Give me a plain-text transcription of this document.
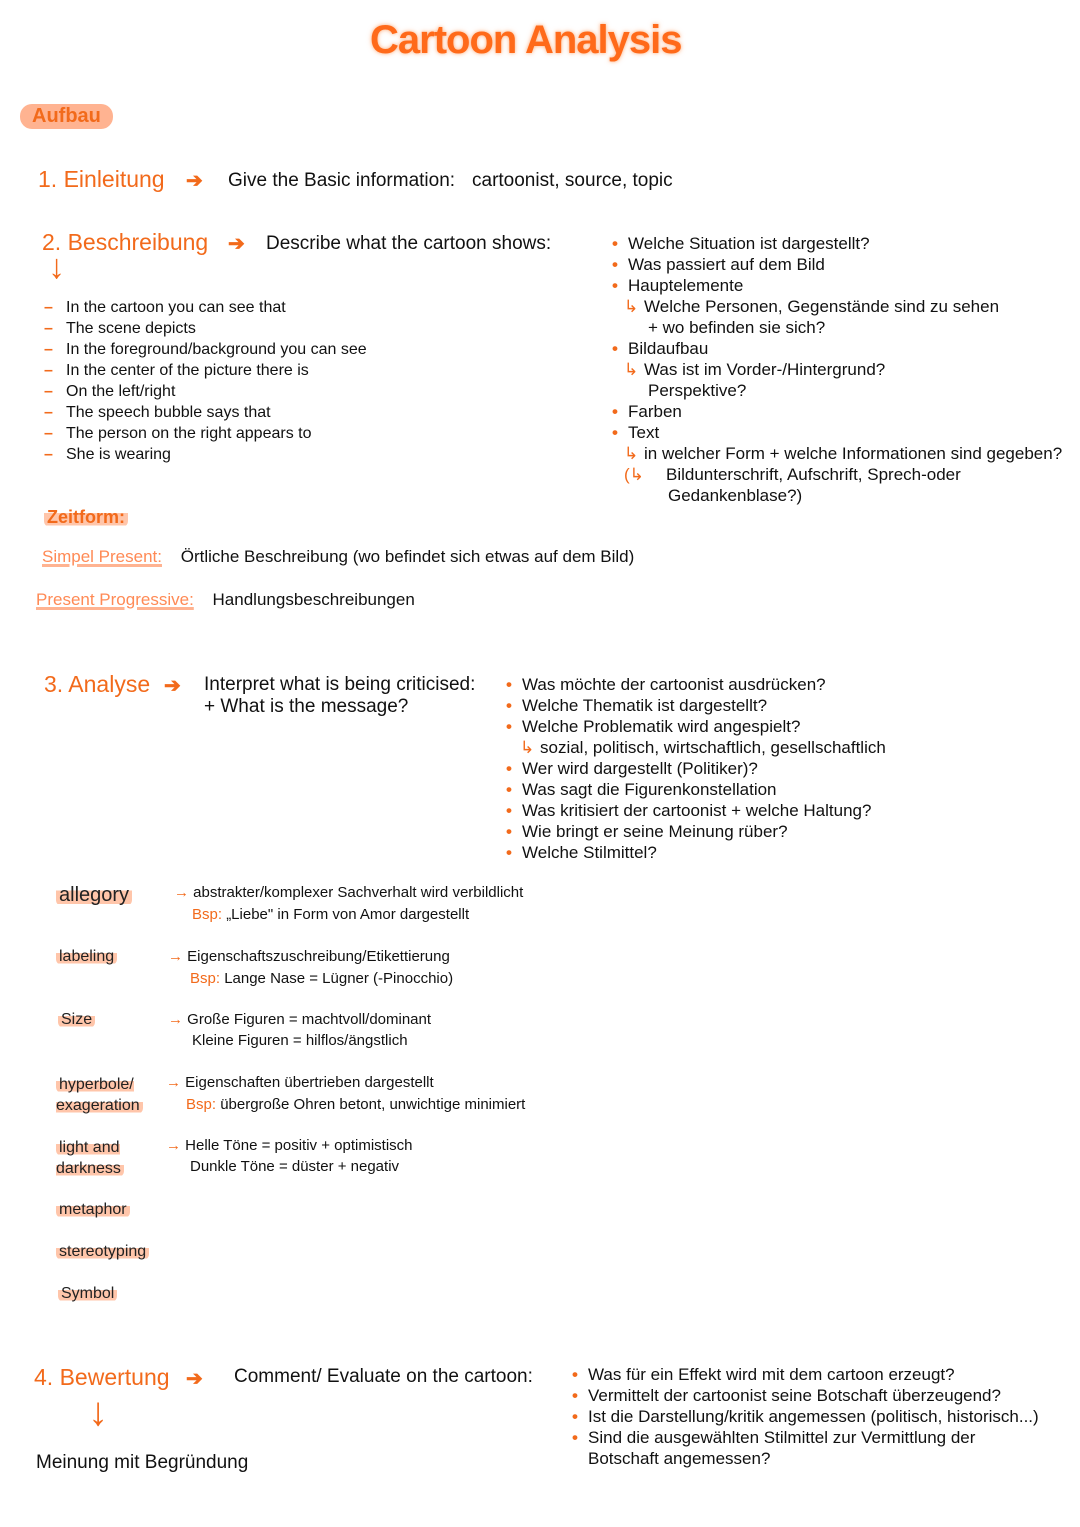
Cartoon Analysis
Aufbau
1. Einleitung ➔ Give the Basic information: cartoonist, source, topic
2. Beschreibung ➔ Describe what the cartoon shows:
↓
– In the cartoon you can see that
– The scene depicts
– In the foreground/background you can see
– In the center of the picture there is
– On the left/right
– The speech bubble says that
– The person on the right appears to
– She is wearing
• Welche Situation ist dargestellt?
• Was passiert auf dem Bild
• Hauptelemente
↳ Welche Personen, Gegenstände sind zu sehen
+ wo befinden sie sich?
• Bildaufbau
↳ Was ist im Vorder-/Hintergrund?
Perspektive?
• Farben
• Text
↳ in welcher Form + welche Informationen sind gegeben?
(↳ Bildunterschrift, Aufschrift, Sprech-oder
Gedankenblase?)
Zeitform:
Simpel Present: Örtliche Beschreibung (wo befindet sich etwas auf dem Bild)
Present Progressive: Handlungsbeschreibungen
3. Analyse ➔ Interpret what is being criticised:
+ What is the message?
• Was möchte der cartoonist ausdrücken?
• Welche Thematik ist dargestellt?
• Welche Problematik wird angespielt?
↳ sozial, politisch, wirtschaftlich, gesellschaftlich
• Wer wird dargestellt (Politiker)?
• Was sagt die Figurenkonstellation
• Was kritisiert der cartoonist + welche Haltung?
• Wie bringt er seine Meinung rüber?
• Welche Stilmittel?
allegory	→ abstrakter/komplexer Sachverhalt wird verbildlicht
Bsp: „Liebe" in Form von Amor dargestellt
labeling	→ Eigenschaftszuschreibung/Etikettierung
Bsp: Lange Nase = Lügner (-Pinocchio)
Size	→ Große Figuren = machtvoll/dominant
Kleine Figuren = hilflos/ängstlich
hyperbole/ exageration
→ Eigenschaften übertrieben dargestellt
Bsp: übergroße Ohren betont, unwichtige minimiert
light and darkness
→ Helle Töne = positiv + optimistisch
Dunkle Töne = düster + negativ
metaphor
stereotyping
Symbol
4. Bewertung ➔ Comment/ Evaluate on the cartoon:
↓
Meinung mit Begründung
• Was für ein Effekt wird mit dem cartoon erzeugt?
• Vermittelt der cartoonist seine Botschaft überzeugend?
• Ist die Darstellung/kritik angemessen (politisch, historisch...)
• Sind die ausgewählten Stilmittel zur Vermittlung der
Botschaft angemessen?
